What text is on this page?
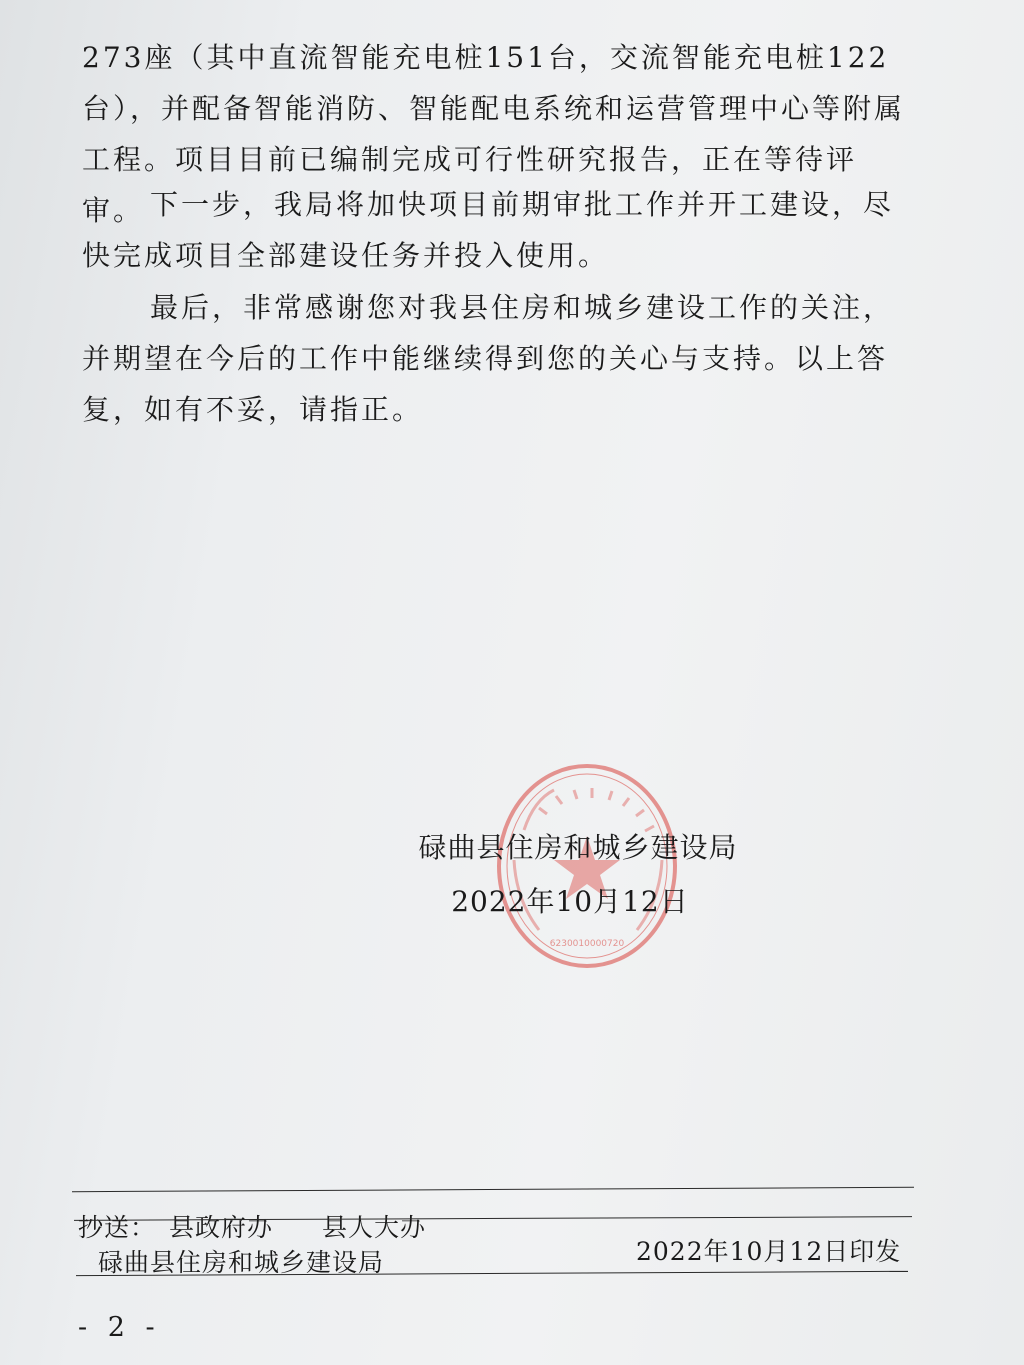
273座（其中直流智能充电桩151台，交流智能充电桩122台），并配备智能消防、智能配电系统和运营管理中心等附属工程。项目目前已编制完成可行性研究报告，正在等待评审。 下一步，我局将加快项目前期审批工作并开工建设，尽快完成项目全部建设任务并投入使用。

最后，非常感谢您对我县住房和城乡建设工作的关注，并期望在今后的工作中能继续得到您的关心与支持。以上答复，如有不妥，请指正。

6230010000720
碌曲县住房和城乡建设局
2022年10月12日
抄送： 县政府办 县人大办
碌曲县住房和城乡建设局	2022年10月12日印发
- 2 -
